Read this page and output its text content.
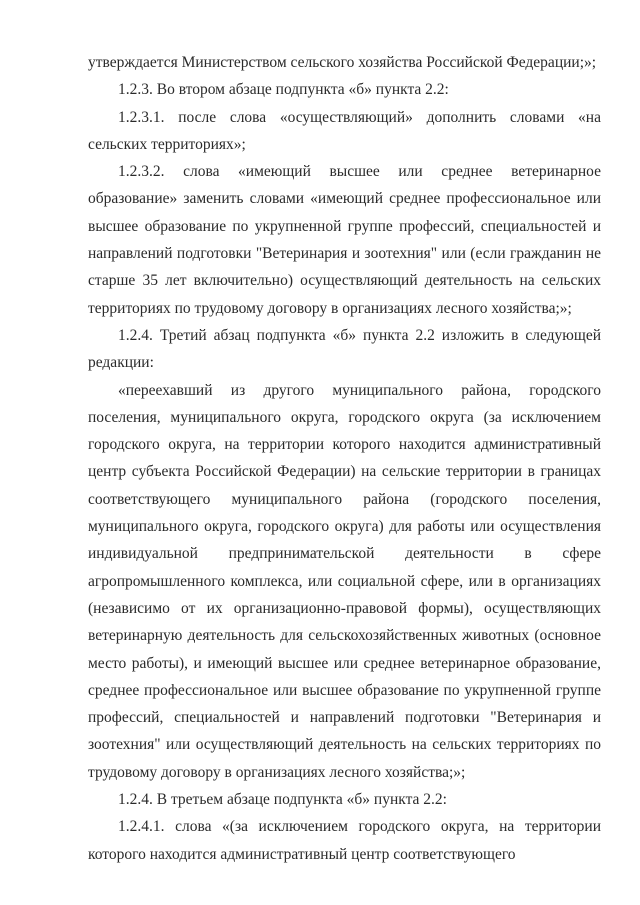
утверждается Министерством сельского хозяйства Российской Федерации;»;

1.2.3. Во втором абзаце подпункта «б» пункта 2.2:

1.2.3.1. после слова «осуществляющий» дополнить словами «на сельских территориях»;

1.2.3.2. слова «имеющий высшее или среднее ветеринарное образование» заменить словами «имеющий среднее профессиональное или высшее образование по укрупненной группе профессий, специальностей и направлений подготовки "Ветеринария и зоотехния" или (если гражданин не старше 35 лет включительно) осуществляющий деятельность на сельских территориях по трудовому договору в организациях лесного хозяйства;»;

1.2.4. Третий абзац подпункта «б» пункта 2.2 изложить в следующей редакции:

«переехавший из другого муниципального района, городского поселения, муниципального округа, городского округа (за исключением городского округа, на территории которого находится административный центр субъекта Российской Федерации) на сельские территории в границах соответствующего муниципального района (городского поселения, муниципального округа, городского округа) для работы или осуществления индивидуальной предпринимательской деятельности в сфере агропромышленного комплекса, или социальной сфере, или в организациях (независимо от их организационно-правовой формы), осуществляющих ветеринарную деятельность для сельскохозяйственных животных (основное место работы), и имеющий высшее или среднее ветеринарное образование, среднее профессиональное или высшее образование по укрупненной группе профессий, специальностей и направлений подготовки "Ветеринария и зоотехния" или осуществляющий деятельность на сельских территориях по трудовому договору в организациях лесного хозяйства;»;

1.2.4. В третьем абзаце подпункта «б» пункта 2.2:

1.2.4.1. слова «(за исключением городского округа, на территории которого находится административный центр соответствующего
